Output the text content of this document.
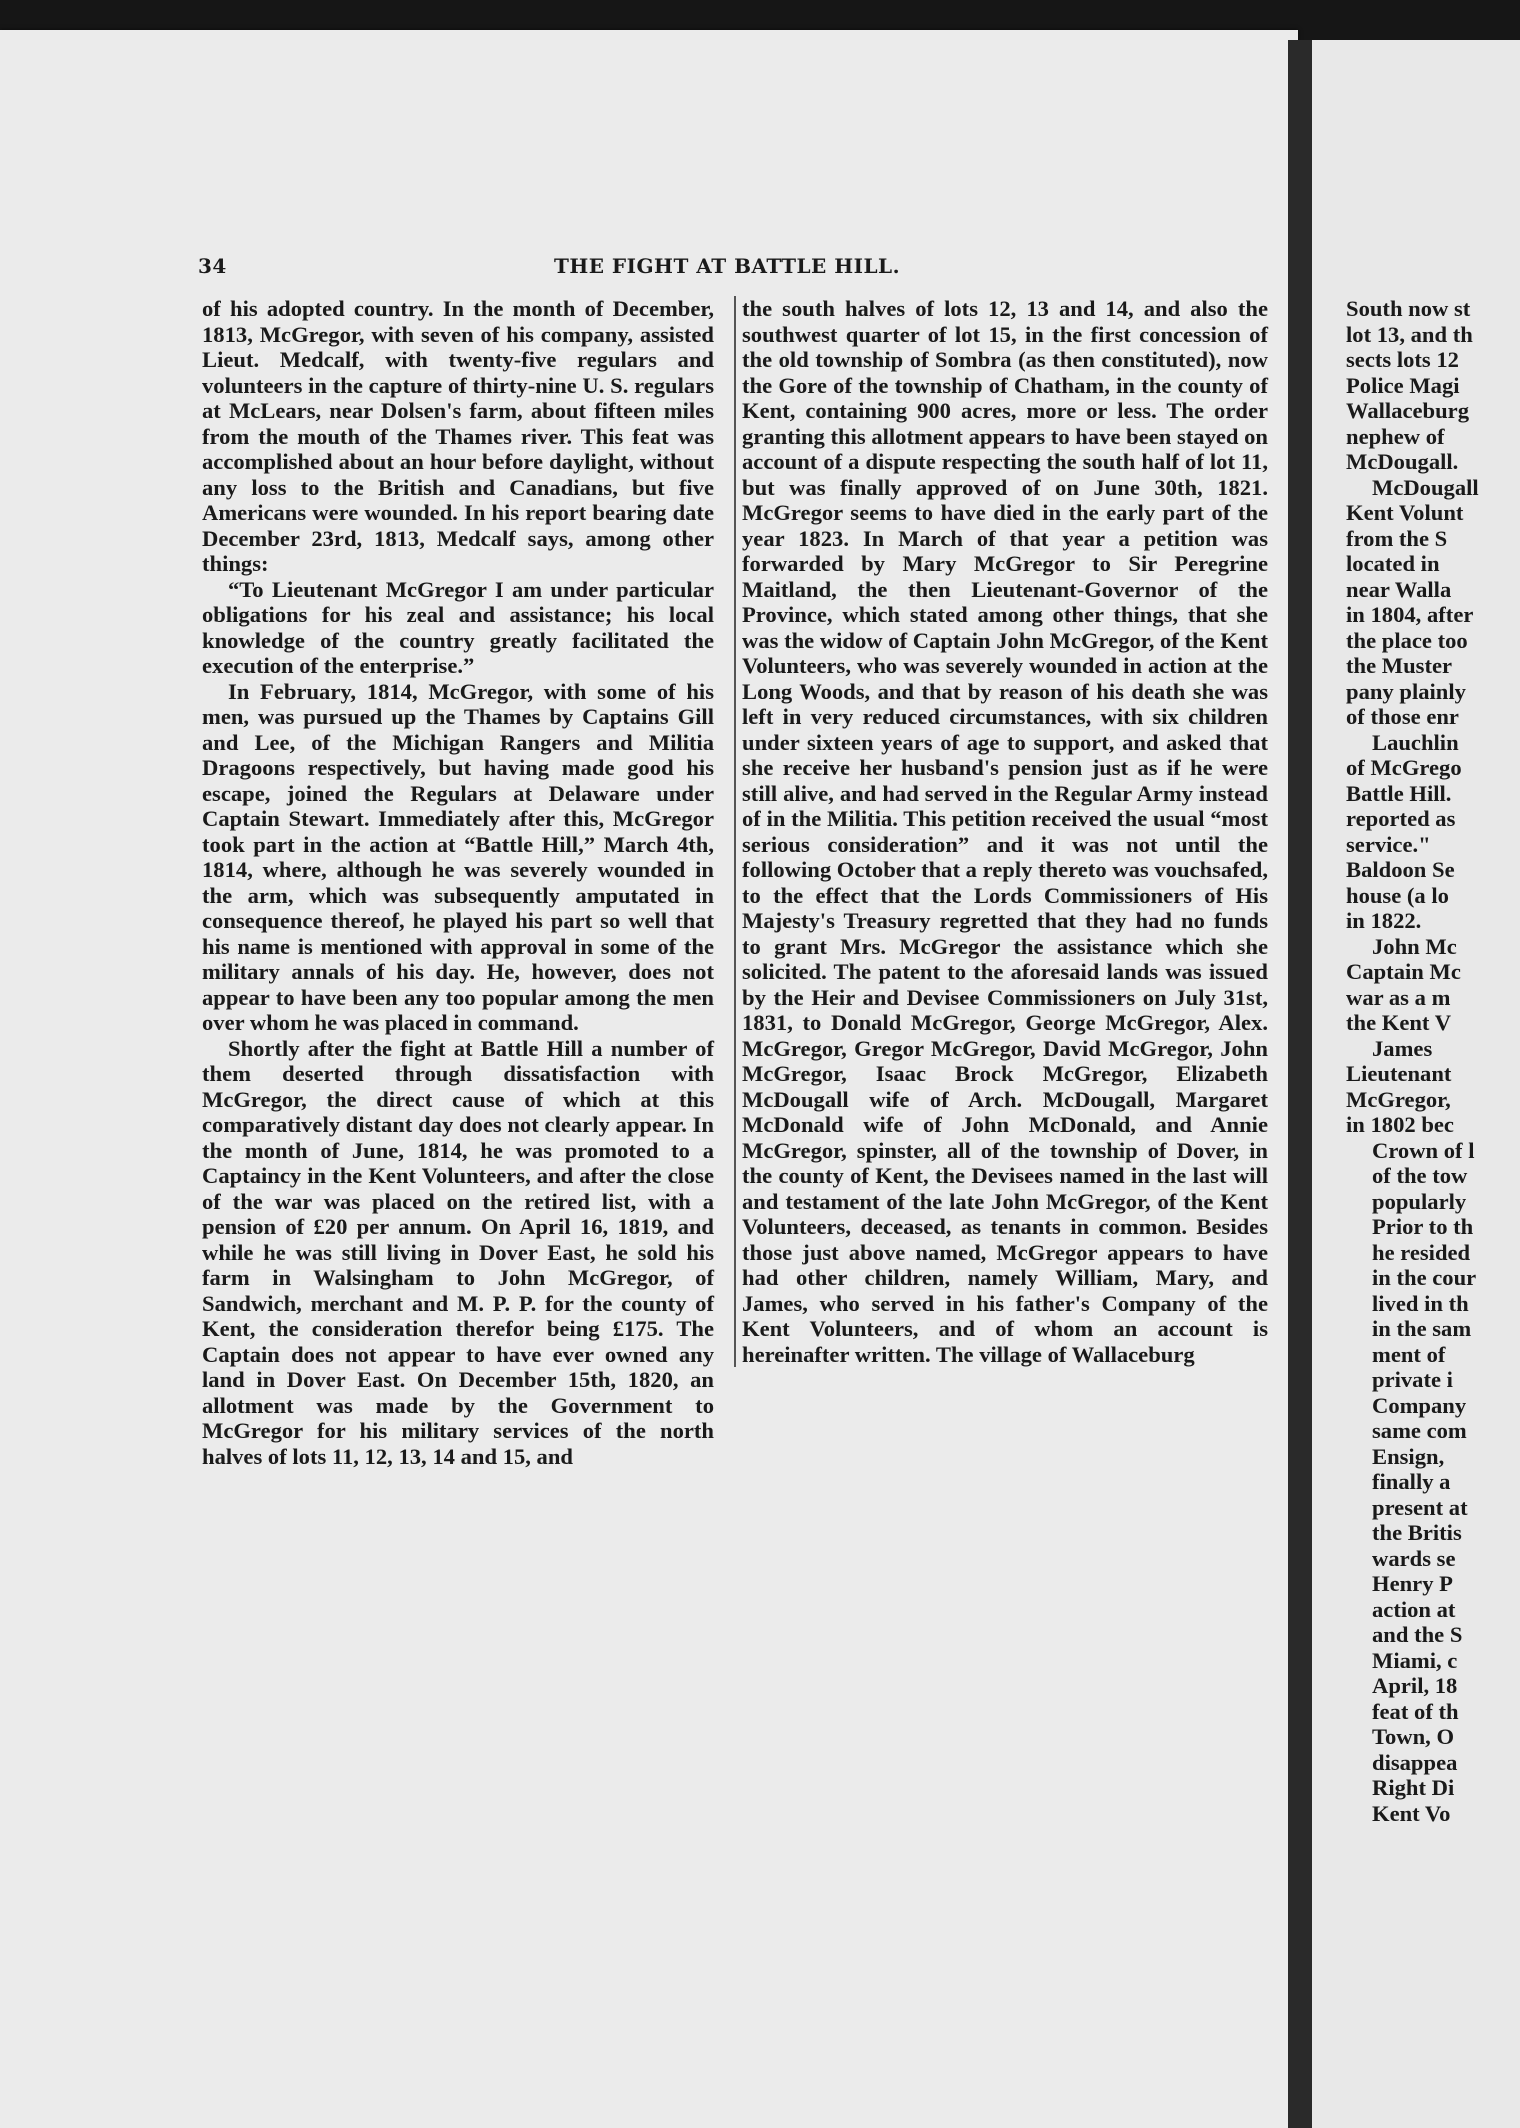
34	THE FIGHT AT BATTLE HILL.

of his adopted country. In the month of December, 1813, McGregor, with seven of his company, assisted Lieut. Medcalf, with twenty-five regulars and volunteers in the capture of thirty-nine U. S. regulars at McLears, near Dolsen's farm, about fifteen miles from the mouth of the Thames river. This feat was accomplished about an hour before daylight, without any loss to the British and Canadians, but five Americans were wounded. In his report bearing date December 23rd, 1813, Medcalf says, among other things:

“To Lieutenant McGregor I am under particular obligations for his zeal and assistance; his local knowledge of the country greatly facilitated the execution of the enterprise.”

In February, 1814, McGregor, with some of his men, was pursued up the Thames by Captains Gill and Lee, of the Michigan Rangers and Militia Dragoons respectively, but having made good his escape, joined the Regulars at Delaware under Captain Stewart. Immediately after this, McGregor took part in the action at “Battle Hill,” March 4th, 1814, where, although he was severely wounded in the arm, which was subsequently amputated in consequence thereof, he played his part so well that his name is mentioned with approval in some of the military annals of his day. He, however, does not appear to have been any too popular among the men over whom he was placed in command.

Shortly after the fight at Battle Hill a number of them deserted through dissatisfaction with McGregor, the direct cause of which at this comparatively distant day does not clearly appear. In the month of June, 1814, he was promoted to a Captaincy in the Kent Volunteers, and after the close of the war was placed on the retired list, with a pension of £20 per annum. On April 16, 1819, and while he was still living in Dover East, he sold his farm in Walsingham to John McGregor, of Sandwich, merchant and M. P. P. for the county of Kent, the consideration therefor being £175. The Captain does not appear to have ever owned any land in Dover East. On December 15th, 1820, an allotment was made by the Government to McGregor for his military services of the north halves of lots 11, 12, 13, 14 and 15, and

the south halves of lots 12, 13 and 14, and also the southwest quarter of lot 15, in the first concession of the old township of Sombra (as then constituted), now the Gore of the township of Chatham, in the county of Kent, containing 900 acres, more or less. The order granting this allotment appears to have been stayed on account of a dispute respecting the south half of lot 11, but was finally approved of on June 30th, 1821. McGregor seems to have died in the early part of the year 1823. In March of that year a petition was forwarded by Mary McGregor to Sir Peregrine Maitland, the then Lieutenant-Governor of the Province, which stated among other things, that she was the widow of Captain John McGregor, of the Kent Volunteers, who was severely wounded in action at the Long Woods, and that by reason of his death she was left in very reduced circumstances, with six children under sixteen years of age to support, and asked that she receive her husband's pension just as if he were still alive, and had served in the Regular Army instead of in the Militia. This petition received the usual “most serious consideration” and it was not until the following October that a reply thereto was vouchsafed, to the effect that the Lords Commissioners of His Majesty's Treasury regretted that they had no funds to grant Mrs. McGregor the assistance which she solicited. The patent to the aforesaid lands was issued by the Heir and Devisee Commissioners on July 31st, 1831, to Donald McGregor, George McGregor, Alex. McGregor, Gregor McGregor, David McGregor, John McGregor, Isaac Brock McGregor, Elizabeth McDougall wife of Arch. McDougall, Margaret McDonald wife of John McDonald, and Annie McGregor, spinster, all of the township of Dover, in the county of Kent, the Devisees named in the last will and testament of the late John McGregor, of the Kent Volunteers, deceased, as tenants in common. Besides those just above named, McGregor appears to have had other children, namely William, Mary, and James, who served in his father's Company of the Kent Volunteers, and of whom an account is hereinafter written. The village of Wallaceburg

South now st

lot 13, and th

sects lots 12

Police Magi

Wallaceburg

nephew of

McDougall.

McDougall

Kent Volunt

from the S

located in

near Walla

in 1804, after

the place too

the Muster

pany plainly

of those enr

Lauchlin

of McGrego

Battle Hill.

reported as

service."

Baldoon Se

house (a lo

in 1822.

John Mc

Captain Mc

war as a m

the Kent V

James

Lieutenant

McGregor,

in 1802 bec

Crown of l

of the tow

popularly

Prior to th

he resided

in the cour

lived in th

in the sam

ment of

private i

Company

same com

Ensign,

finally a

present at

the Britis

wards se

Henry P

action at

and the S

Miami, c

April, 18

feat of th

Town, O

disappea

Right Di

Kent Vo
